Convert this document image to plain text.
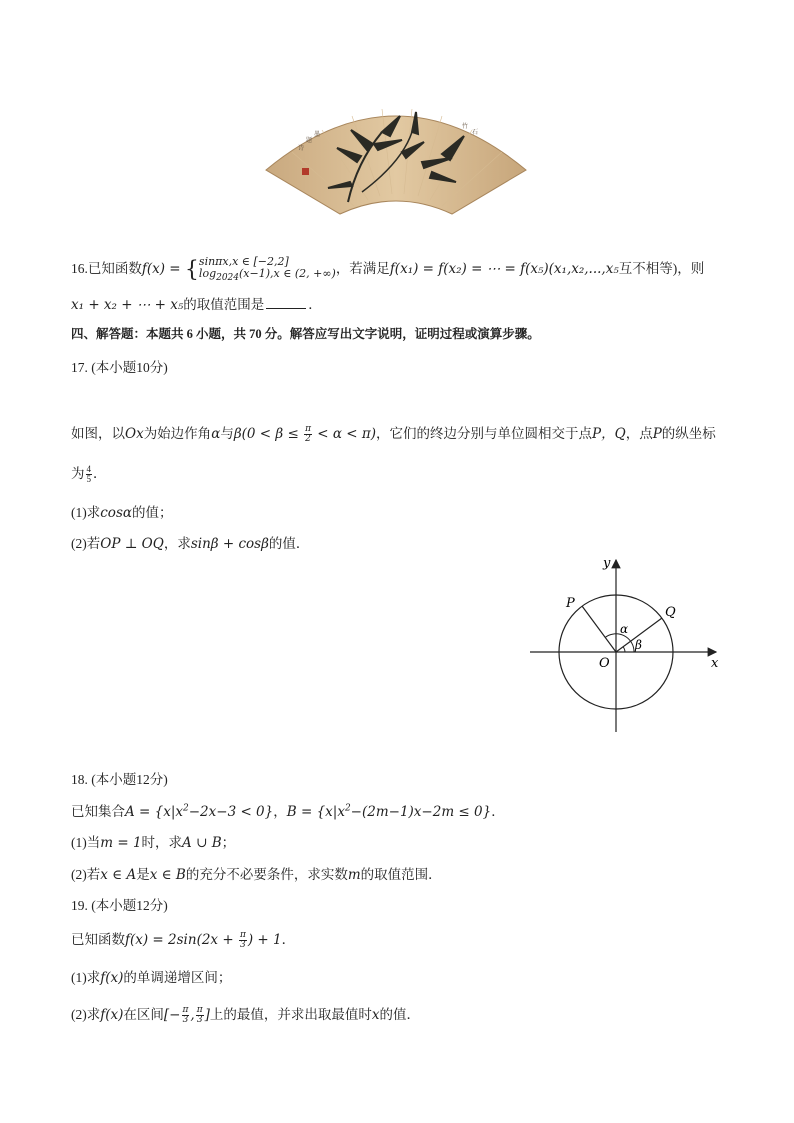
诗
题
墨
竹
石
16.已知函数f(x) = { sinπx,x ∈ [−2,2]
$\log_{2024}(x-1),x$ ∈ (2, +∞) ，若满足f(x₁) = f(x₂) = ⋯ = f(x₅)(x₁,x₂,...,x₅互不相等)，则
x₁ + x₂ + ⋯ + x₅的取值范围是	．
四、解答题：本题共 6 小题，共 70 分。解答应写出文字说明，证明过程或演算步骤。
17. (本小题10分)
如图，以Ox为始边作角α与$\beta(0 < \beta \le \frac{\pi}{2} < \alpha < \pi)$，它们的终边分别与单位圆相交于点P，Q，点P的纵坐标
为 $\frac{4}{5}$ ．
(1)求cosα的值；
(2)若OP ⊥ OQ，求sinβ + cosβ的值．
y
x
O
P
Q
α
β
18. (本小题12分)
已知集合$A = \{x|x^2-2x-3 < 0\}$，$B = \{x|x^2-(2m-1)x-2m \le 0\}$．
(1)当m = 1时，求A ∪ B；
(2)若x ∈ A是x ∈ B的充分不必要条件，求实数m的取值范围．
19. (本小题12分)
已知函数$f(x) = 2\sin(2x + \frac{\pi}{3}$ ) + 1．
(1)求f(x)的单调递增区间；
(2)求f(x)在区间[− $\frac{\pi}{3}$ , $\frac{\pi}{3}$ ]上的最值，并求出取最值时x的值．
